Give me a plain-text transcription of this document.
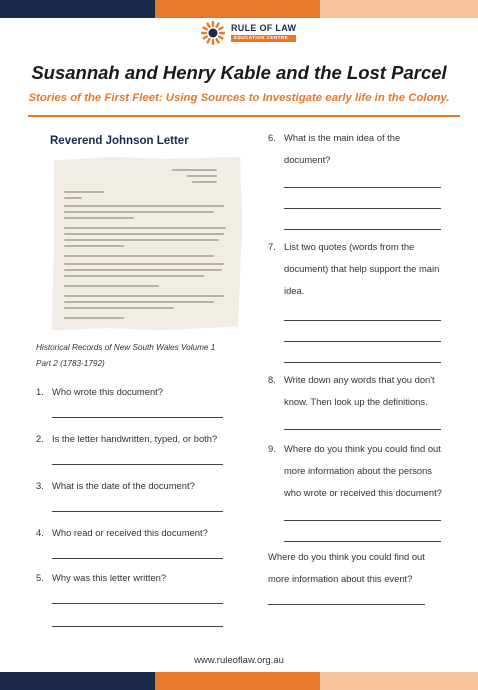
RULE OF LAW
EDUCATION CENTRE
Susannah and Henry Kable and the Lost Parcel
Stories of the First Fleet: Using Sources to Investigate early life in the Colony.
Reverend Johnson Letter
Historical Records of New South Wales Volume 1
Part 2 (1783-1792)
1. Who wrote this document?
2. Is the letter handwritten, typed, or both?
3. What is the date of the document?
4. Who read or received this document?
5. Why was this letter written?
6. What is the main idea of the document?
7. List two quotes (words from the document) that help support the main idea.
8. Write down any words that you don't know. Then look up the definitions.
9. Where do you think you could find out more information about the persons who wrote or received this document?
Where do you think you could find out more information about this event?
www.ruleoflaw.org.au
